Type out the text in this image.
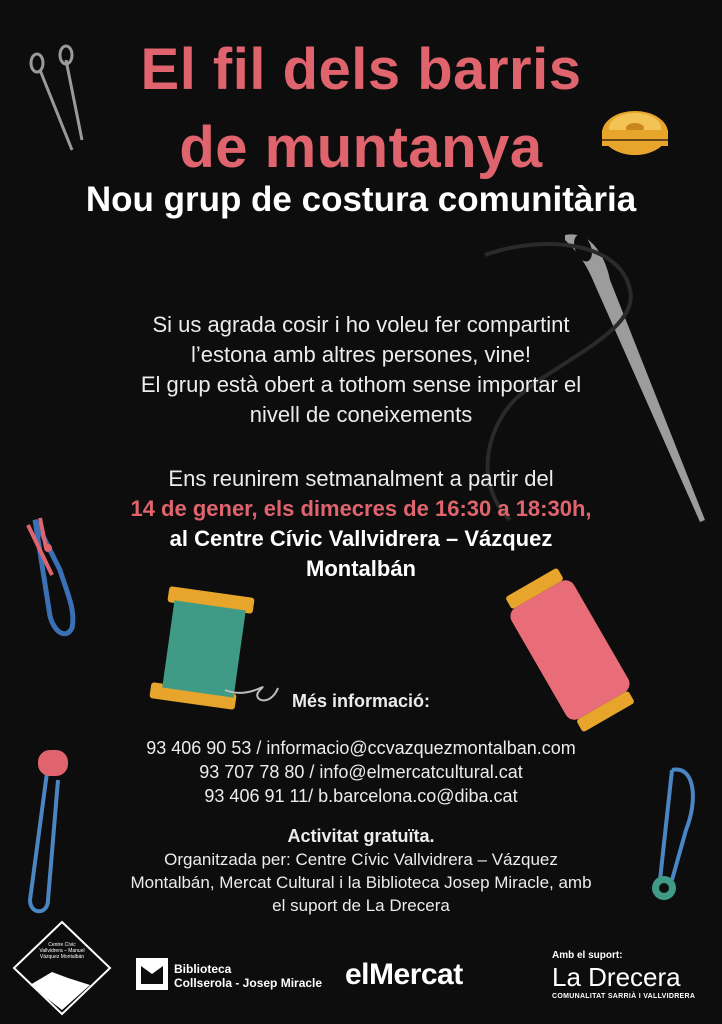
El fil dels barris
de muntanya
Nou grup de costura comunitària
Si us agrada cosir i ho voleu fer compartint
l’estona amb altres persones, vine!
El grup està obert a tothom sense importar el
nivell de coneixements
Ens reunirem setmanalment a partir del
14 de gener, els dimecres de 16:30 a 18:30h,
al Centre Cívic Vallvidrera – Vázquez
Montalbán
Més informació:
93 406 90 53 / informacio@ccvazquezmontalban.com
93 707 78 80 / info@elmercatcultural.cat
93 406 91 11/ b.barcelona.co@diba.cat
Activitat gratuïta.
Organitzada per: Centre Cívic Vallvidrera – Vázquez
Montalbán, Mercat Cultural i la Biblioteca Josep Miracle, amb
el suport de La Drecera
Centre Cívic
Vallvidrera – Manuel
Vázquez Montalbán
Biblioteca
Collserola - Josep Miracle elMercat
Amb el suport:
La Drecera
COMUNALITAT SARRIÀ I VALLVIDRERA
